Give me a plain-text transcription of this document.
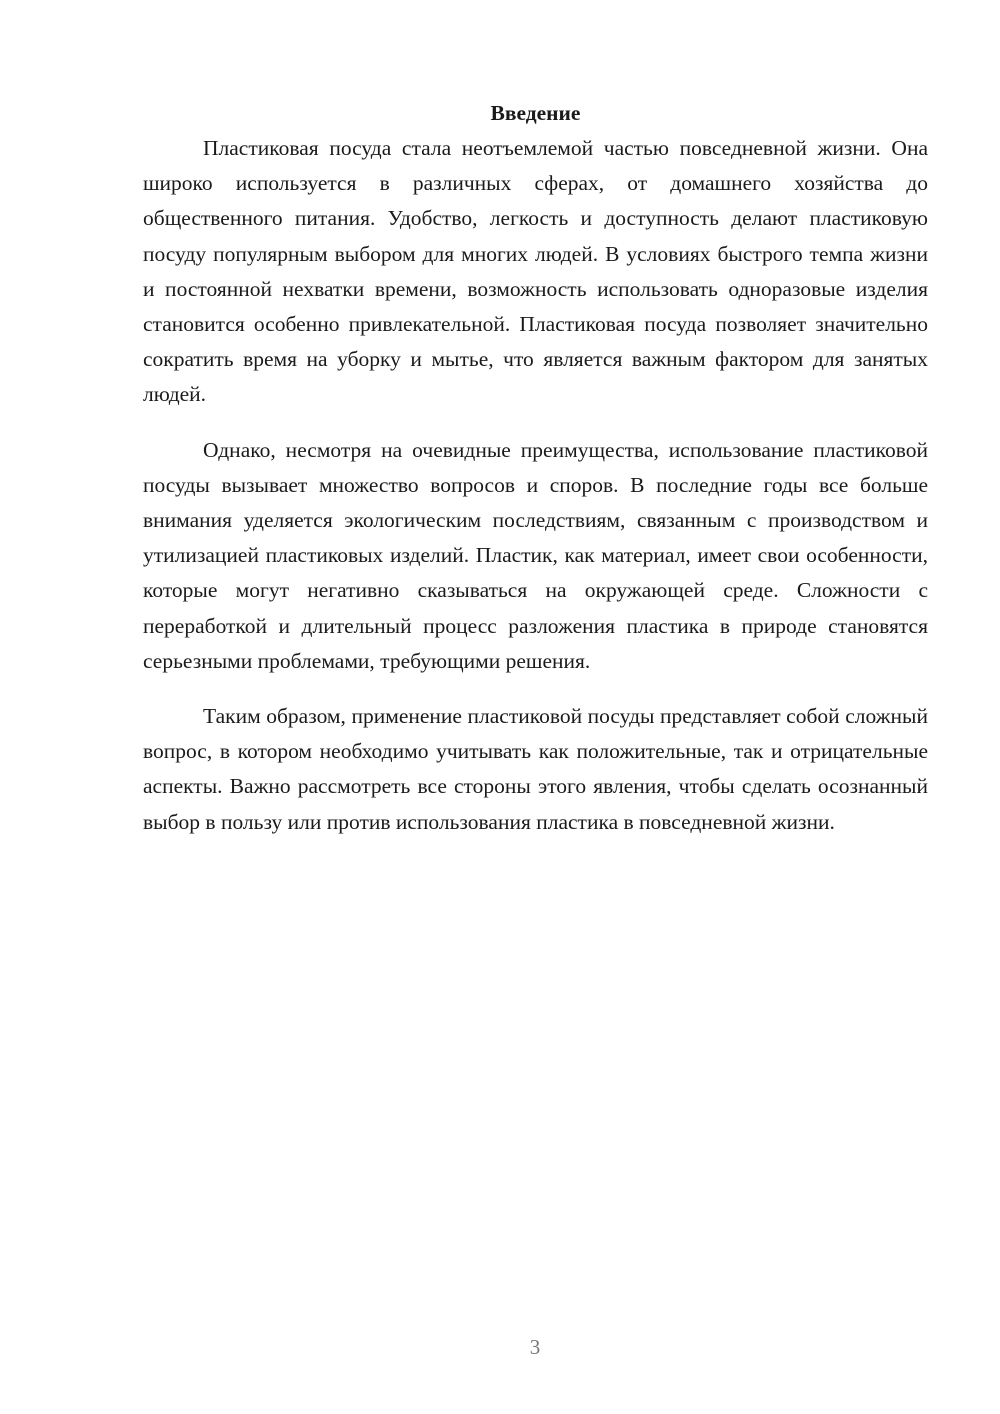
Введение

Пластиковая посуда стала неотъемлемой частью повседневной жизни. Она широко используется в различных сферах, от домашнего хозяйства до общественного питания. Удобство, легкость и доступность делают пластиковую посуду популярным выбором для многих людей. В условиях быстрого темпа жизни и постоянной нехватки времени, возможность использовать одноразовые изделия становится особенно привлекательной. Пластиковая посуда позволяет значительно сократить время на уборку и мытье, что является важным фактором для занятых людей.

Однако, несмотря на очевидные преимущества, использование пластиковой посуды вызывает множество вопросов и споров. В последние годы все больше внимания уделяется экологическим последствиям, связанным с производством и утилизацией пластиковых изделий. Пластик, как материал, имеет свои особенности, которые могут негативно сказываться на окружающей среде. Сложности с переработкой и длительный процесс разложения пластика в природе становятся серьезными проблемами, требующими решения.

Таким образом, применение пластиковой посуды представляет собой сложный вопрос, в котором необходимо учитывать как положительные, так и отрицательные аспекты. Важно рассмотреть все стороны этого явления, чтобы сделать осознанный выбор в пользу или против использования пластика в повседневной жизни.

3
